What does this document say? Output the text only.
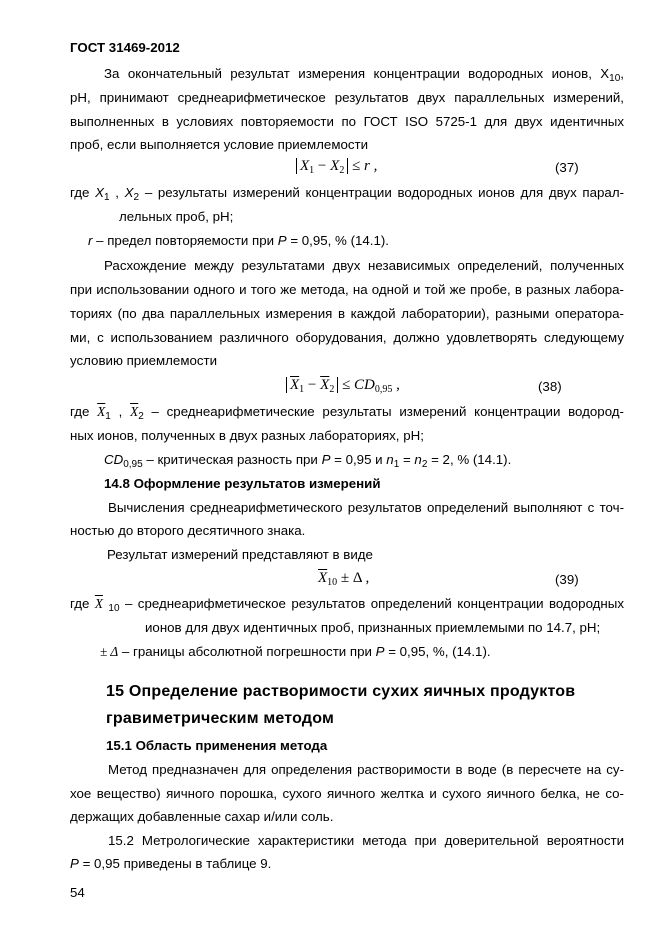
ГОСТ 31469-2012
За окончательный результат измерения концентрации водородных ионов, $X_{10}$,
pH, принимают среднеарифметическое результатов двух параллельных измерений,
выполненных в условиях повторяемости по ГОСТ ISO 5725-1 для двух идентичных
проб, если выполняется условие приемлемости
$X_1 - X_2 \le r$ ,	(37)
где $X_1$ , $X_2$ – результаты измерений концентрации водородных ионов для двух парал-
лельных проб, pH;
r – предел повторяемости при P = 0,95, % (14.1).
Расхождение между результатами двух независимых определений, полученных
при использовании одного и того же метода, на одной и той же пробе, в разных лабора-
ториях (по два параллельных измерения в каждой лаборатории), разными оператора-
ми, с использованием различного оборудования, должно удовлетворять следующему
условию приемлемости
$\overline{X}_1 - \overline{X}_2 \le CD_{0,95}$ ,	(38)
где $\overline{X}_1$ , $\overline{X}_2$ – среднеарифметические результаты измерений концентрации водород-
ных ионов, полученных в двух разных лабораториях, pH;
$CD_{0,95}$ – критическая разность при P = 0,95 и $n_1 = n_2 = 2$, % (14.1).
14.8 Оформление результатов измерений
Вычисления среднеарифметического результатов определений выполняют с точ-
ностью до второго десятичного знака.
Результат измерений представляют в виде
$\overline{X}_{10} \pm \Delta$ ,	(39)
где $\overline{X}$ $_{10}$ – среднеарифметическое результатов определений концентрации водородных
ионов для двух идентичных проб, признанных приемлемыми по 14.7, pH;
± Δ – границы абсолютной погрешности при P = 0,95, %, (14.1).
15 Определение растворимости сухих яичных продуктов
гравиметрическим методом
15.1 Область применения метода
Метод предназначен для определения растворимости в воде (в пересчете на су-
хое вещество) яичного порошка, сухого яичного желтка и сухого яичного белка, не со-
держащих добавленные сахар и/или соль.
15.2 Метрологические характеристики метода при доверительной вероятности
P = 0,95 приведены в таблице 9.
54
